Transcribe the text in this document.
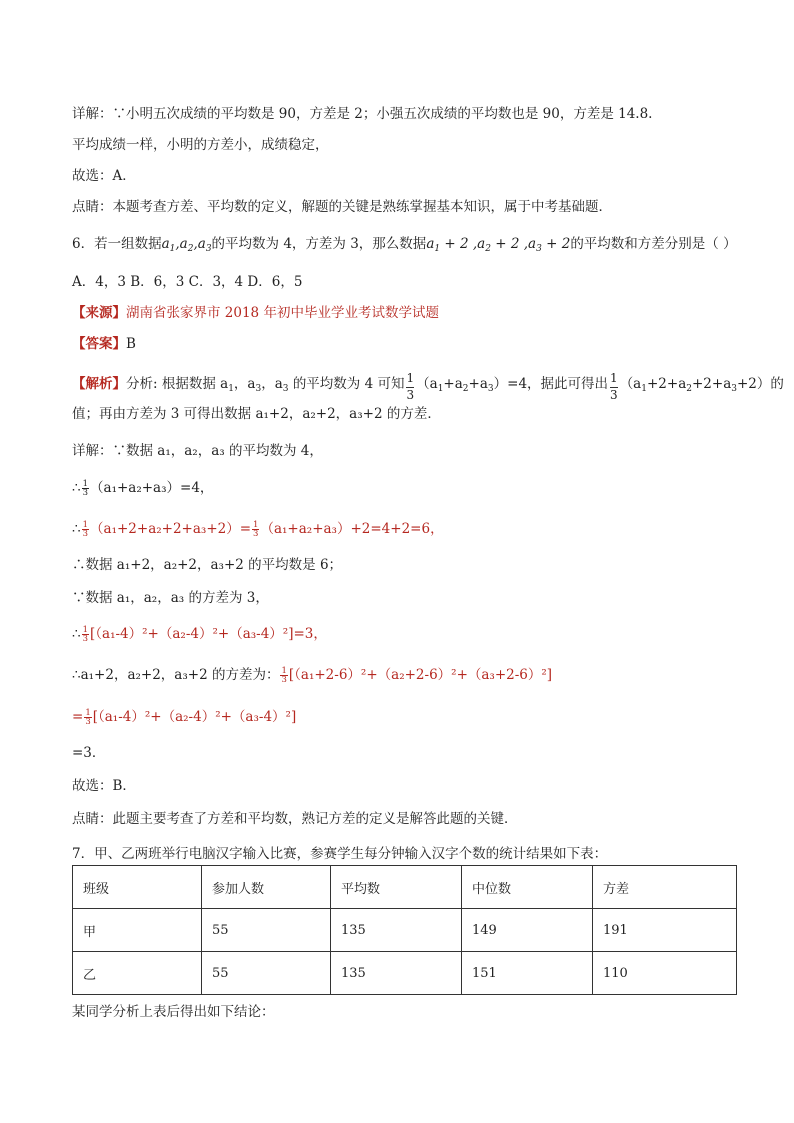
详解：∵小明五次成绩的平均数是 90，方差是 2；小强五次成绩的平均数也是 90，方差是 14.8.
平均成绩一样，小明的方差小，成绩稳定，
故选：A．
点睛：本题考查方差、平均数的定义，解题的关键是熟练掌握基本知识，属于中考基础题．
6．若一组数据$a_1,a_2,a_3$的平均数为 4，方差为 3，那么数据$a_1 + 2$ $,a_2 + 2$ $,a_3 + 2$的平均数和方差分别是（ ）
A．4，3 B．6，3 C．3，4 D．6，5
【来源】湖南省张家界市 2018 年初中毕业学业考试数学试题
【答案】B
【解析】分析: 根据数据 $a_1$，$a_3$，$a_3$ 的平均数为 4 可知 $\frac{1}{3} (a_1+a_2+a_3)=4$，据此可得出 $\frac{1}{3} (a_1+2+a_2+2+a_3+2)$的
值；再由方差为 3 可得出数据 a₁+2，a₂+2，a₃+2 的方差．
详解：∵数据 a₁，a₂，a₃ 的平均数为 4，
∴ $\frac{1}{3} (a_1+a_2+a_3)=4$，
∴ $\frac{1}{3} (a_1+2+a_2+2+a_3+2)= \frac{1}{3} (a_1+a_2+a_3)+2=4+2=6$，
∴数据 a₁+2，a₂+2，a₃+2 的平均数是 6；
∵数据 a₁，a₂，a₃ 的方差为 3，
∴ $\frac{1}{3} [(a_1-4)^2+(a_2-4)^2+(a_3-4)^2]=3$，
∴a₁+2，a₂+2，a₃+2 的方差为： $\frac{1}{3} [(a_1+2-6)^2+(a_2+2-6)^2+(a_3+2-6)^2]$
= $\frac{1}{3} [(a_1-4)^2+(a_2-4)^2+(a_3-4)^2]$
=3．
故选：B．
点睛：此题主要考查了方差和平均数，熟记方差的定义是解答此题的关键．
7．甲、乙两班举行电脑汉字输入比赛，参赛学生每分钟输入汉字个数的统计结果如下表：
班级	参加人数	平均数	中位数	方差
甲	55	135	149	191
乙	55	135	151	110
某同学分析上表后得出如下结论：
